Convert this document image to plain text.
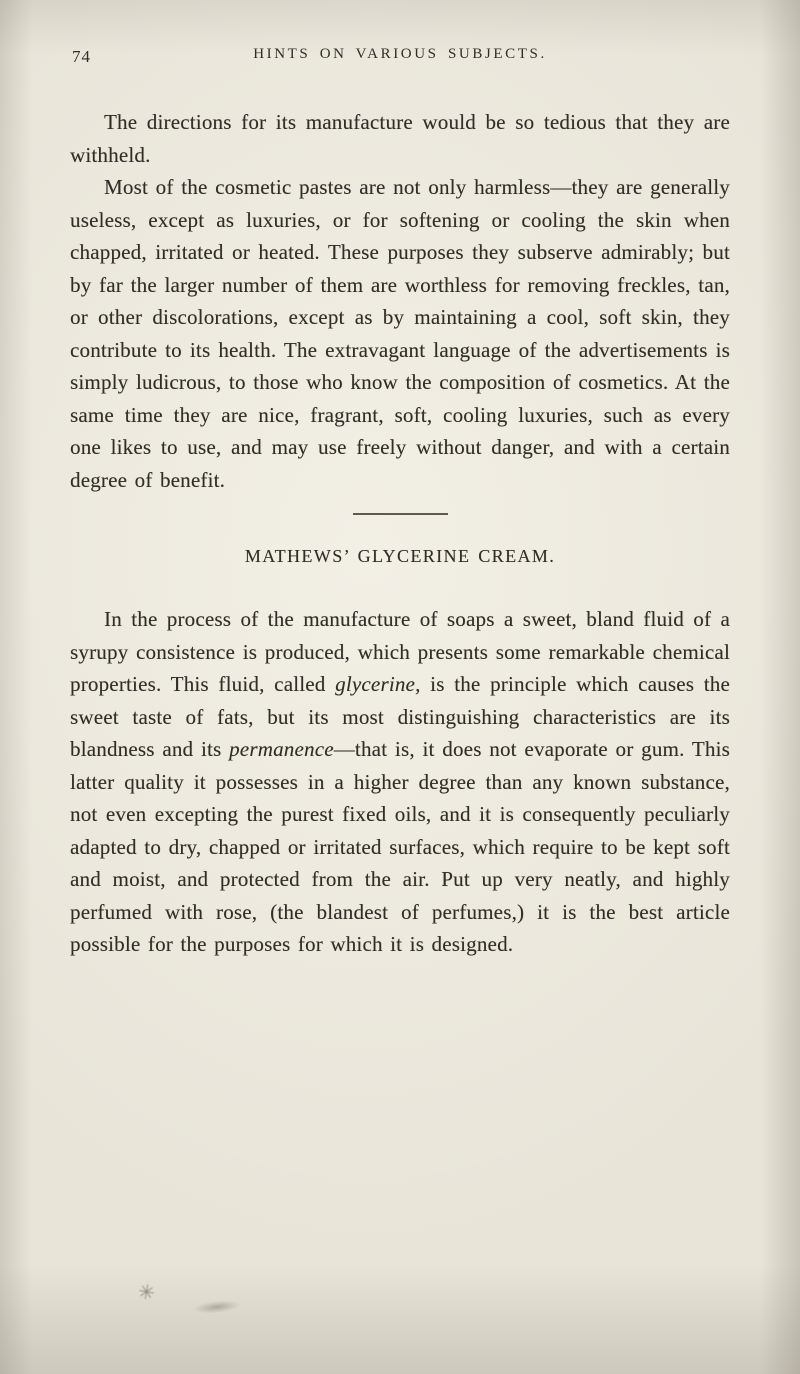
74	HINTS ON VARIOUS SUBJECTS.

The directions for its manufacture would be so tedious that they are withheld.

Most of the cosmetic pastes are not only harmless—they are generally useless, except as luxuries, or for softening or cooling the skin when chapped, irritated or heated. These purposes they subserve admirably; but by far the larger number of them are worthless for removing freckles, tan, or other discolorations, except as by maintaining a cool, soft skin, they contribute to its health. The extravagant language of the advertisements is simply ludicrous, to those who know the composition of cosmetics. At the same time they are nice, fragrant, soft, cooling luxuries, such as every one likes to use, and may use freely without danger, and with a certain degree of benefit.

MATHEWS’ GLYCERINE CREAM.

In the process of the manufacture of soaps a sweet, bland fluid of a syrupy consistence is produced, which presents some remarkable chemical properties. This fluid, called glycerine, is the principle which causes the sweet taste of fats, but its most distinguishing characteristics are its blandness and its permanence—that is, it does not evaporate or gum. This latter quality it possesses in a higher degree than any known substance, not even excepting the purest fixed oils, and it is consequently peculiarly adapted to dry, chapped or irritated surfaces, which require to be kept soft and moist, and protected from the air. Put up very neatly, and highly perfumed with rose, (the blandest of perfumes,) it is the best article possible for the purposes for which it is designed.

✳
